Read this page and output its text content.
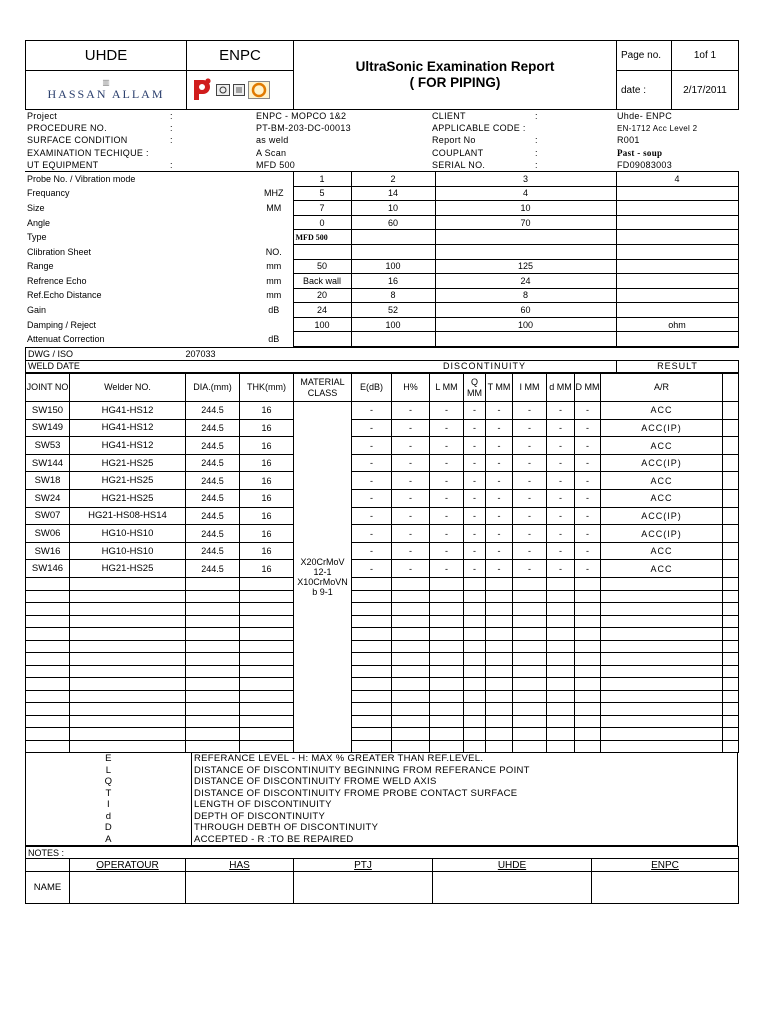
UHDE	ENPC	UltraSonic Examination Report
( FOR PIPING)	Page no.	1of 1

▥
HASSAN ALLAM			date :	2/17/2011
Project	:	ENPC - MOPCO 1&2	CLIENT	:	Uhde- ENPC
PROCEDURE NO.	:	PT-BM-203-DC-00013	APPLICABLE CODE :		EN-1712 Acc Level 2
SURFACE CONDITION	:	as weld	Report No	:	R001
EXAMINATION TECHIQUE :		A Scan	COUPLANT	:	Past - soup
UT EQUIPMENT	:	MFD 500	SERIAL NO.	:	FD09083003
Probe No. / Vibration mode		1	2	3	4
Frequancy	MHZ	5	14	4	
Size	MM	7	10	10	
Angle		0	60	70	
Type		MFD 500			
Clibration Sheet	NO.				
Range	mm	50	100	125	
Refrence Echo	mm	Back wall	16	24	
Ref.Echo Distance	mm	20	8	8	
Gain	dB	24	52	60	
Damping / Reject		100	100	100	ohm
Attenuat Correction	dB				
DWG / ISO	207033
WELD DATE	DISCONTINUITY	RESULT
JOINT NO	Welder NO.	DIA.(mm)	THK(mm)	MATERIAL CLASS	E(dB)	H%	L MM	Q MM	T MM	I MM	d MM	D MM	A/R	
SW150	HG41-HS12	244.5	16	X20CrMoV 12-1 X10CrMoVN b 9-1	-	-	-	-	-	-	-	-	ACC	
SW149	HG41-HS12	244.5	16		-	-	-	-	-	-	-	-	ACC(IP)	
SW53	HG41-HS12	244.5	16		-	-	-	-	-	-	-	-	ACC	
SW144	HG21-HS25	244.5	16		-	-	-	-	-	-	-	-	ACC(IP)	
SW18	HG21-HS25	244.5	16		-	-	-	-	-	-	-	-	ACC	
SW24	HG21-HS25	244.5	16		-	-	-	-	-	-	-	-	ACC	
SW07	HG21-HS08-HS14	244.5	16		-	-	-	-	-	-	-	-	ACC(IP)	
SW06	HG10-HS10	244.5	16		-	-	-	-	-	-	-	-	ACC(IP)	
SW16	HG10-HS10	244.5	16		-	-	-	-	-	-	-	-	ACC	
SW146	HG21-HS25	244.5	16		-	-	-	-	-	-	-	-	ACC	

E	REFERANCE LEVEL - H: MAX % GREATER THAN REF.LEVEL.
L	DISTANCE OF DISCONTINUITY BEGINNING FROM REFERANCE POINT
Q	DISTANCE OF DISCONTINUITY FROME WELD AXIS
T	DISTANCE OF DISCONTINUITY FROME PROBE CONTACT SURFACE
I	LENGTH OF DISCONTINUITY
d	DEPTH OF DISCONTINUITY
D	THROUGH DEBTH OF DISCONTINUITY
A	ACCEPTED - R :TO BE REPAIRED
NOTES :					
	OPERATOUR	HAS	PTJ	UHDE	ENPC
NAME					
